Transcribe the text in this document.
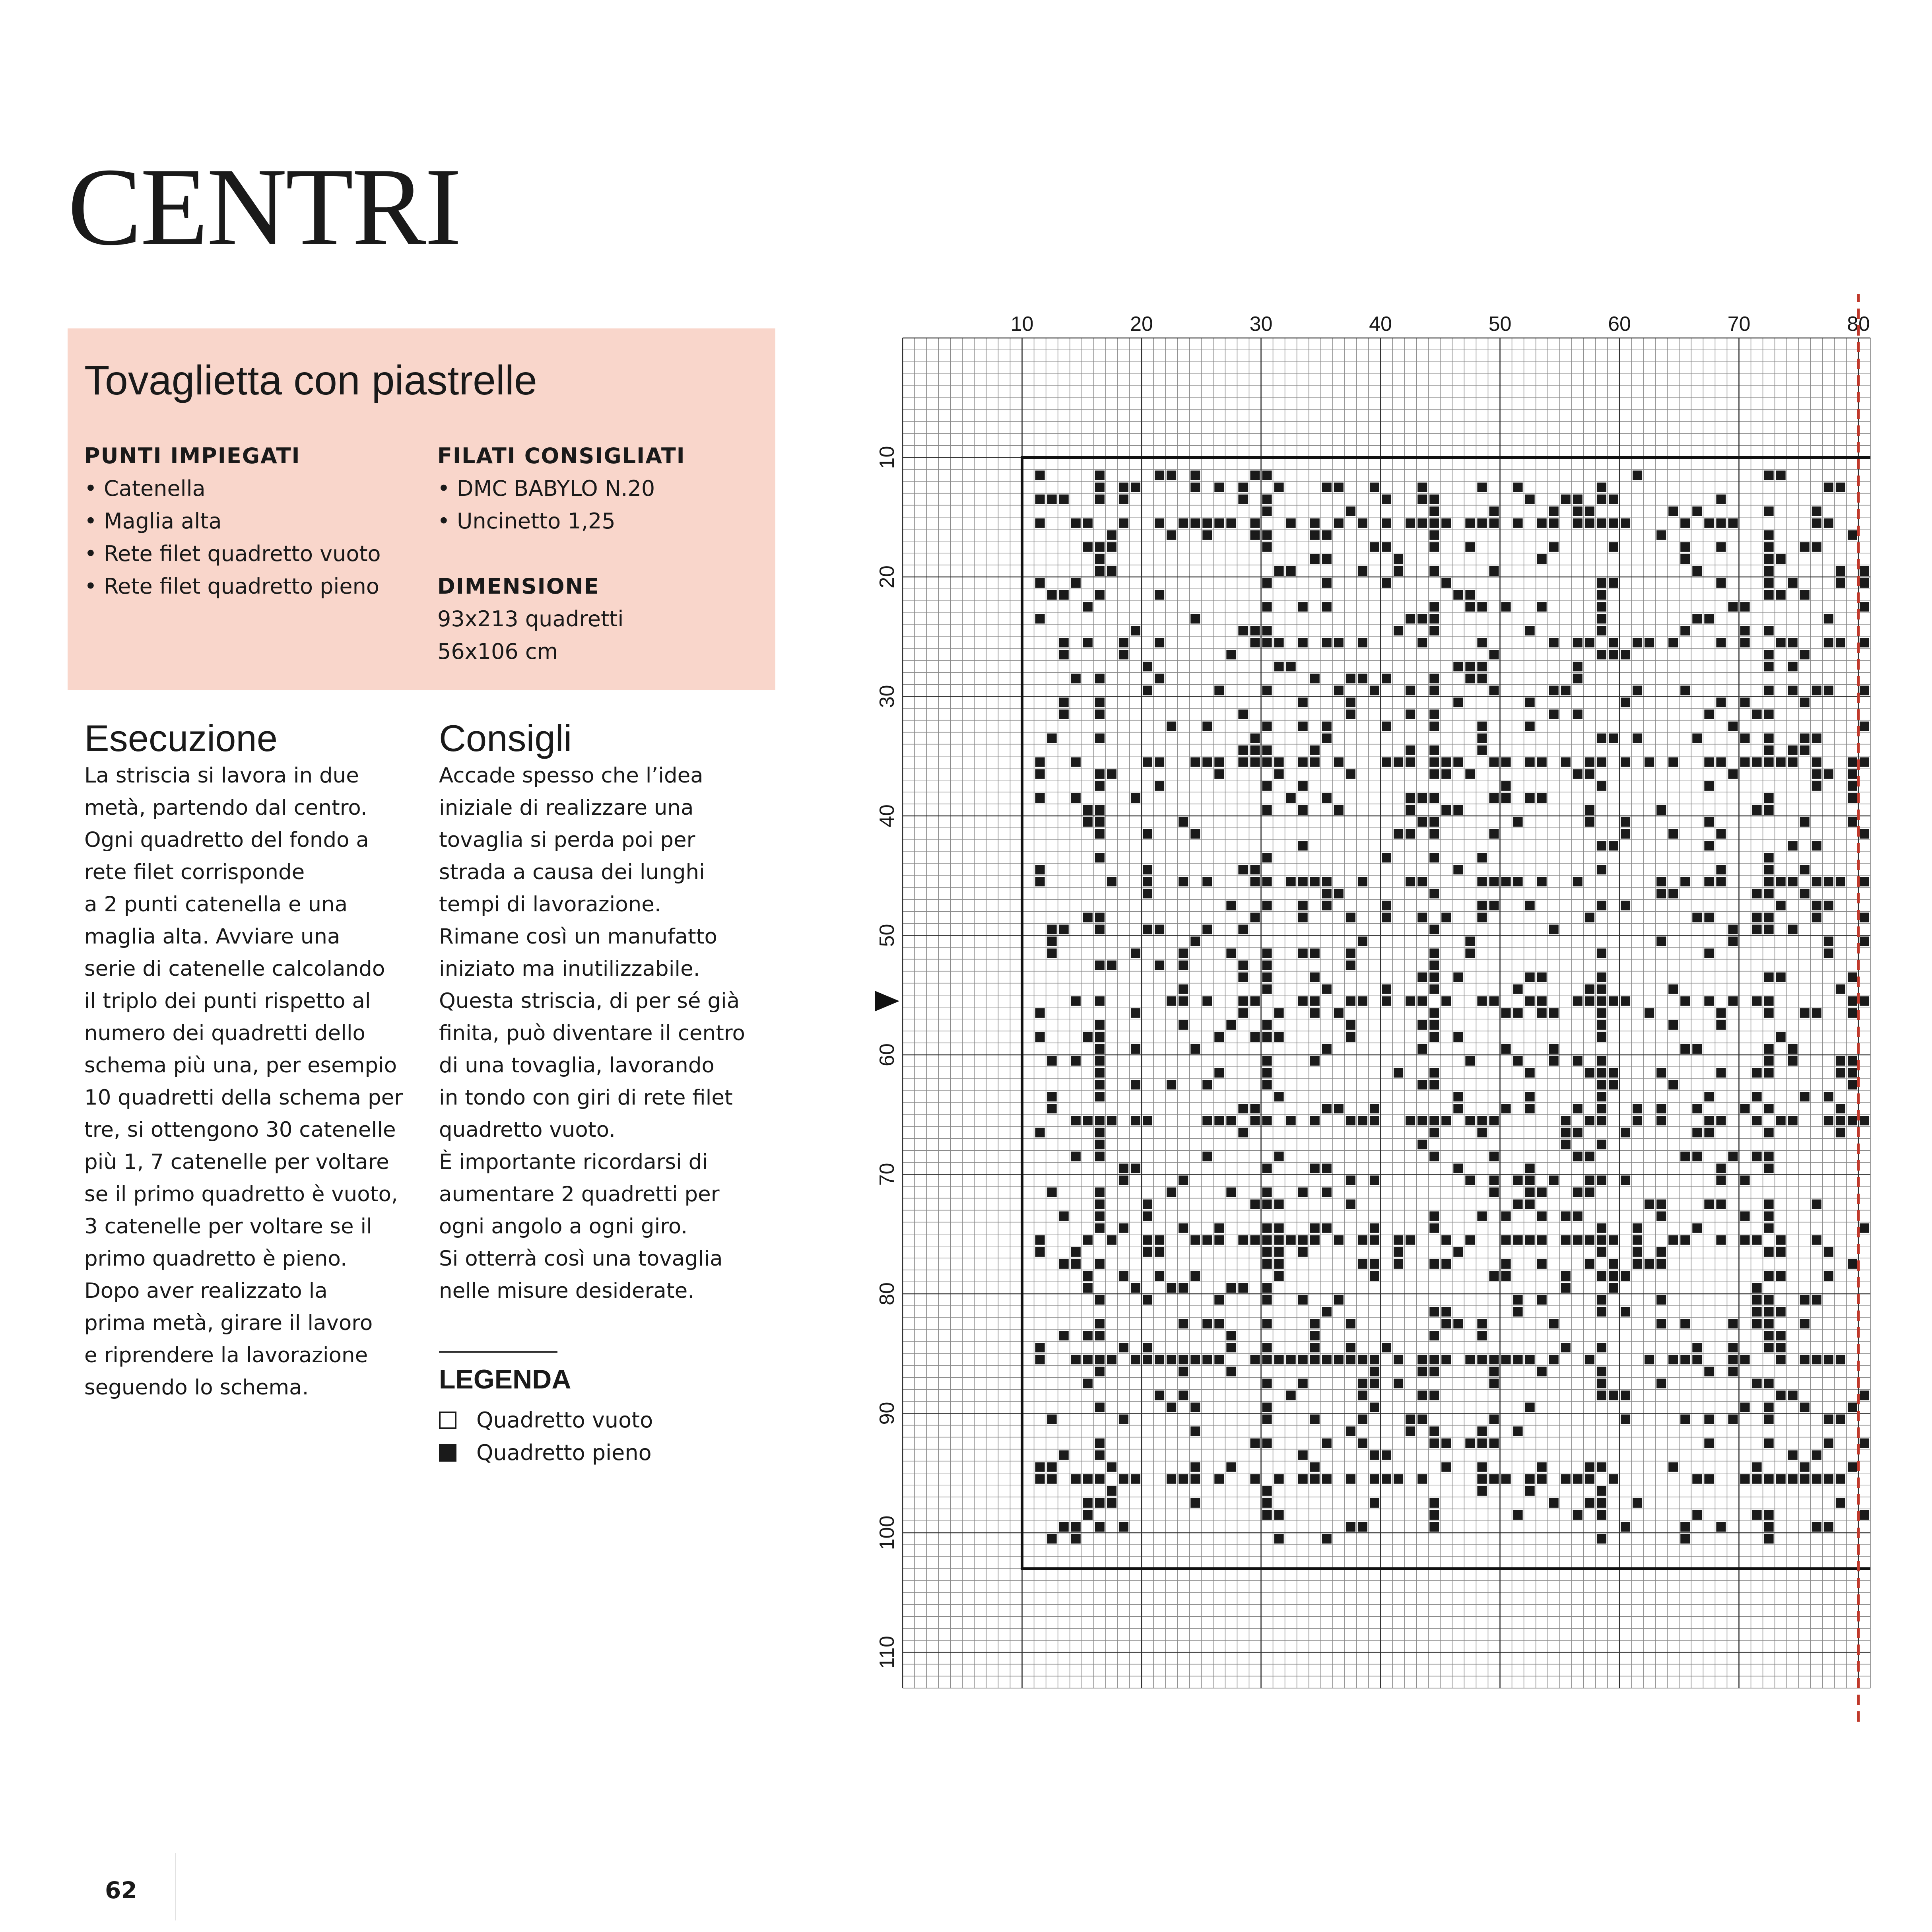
CENTRI
Tovaglietta con piastrelle
PUNTI IMPIEGATI
• Catenella
• Maglia alta
• Rete filet quadretto vuoto
• Rete filet quadretto pieno
FILATI CONSIGLIATI
• DMC BABYLO N.20
• Uncinetto 1,25
DIMENSIONE
93x213 quadretti
56x106 cm
Esecuzione
La striscia si lavora in due
metà, partendo dal centro.
Ogni quadretto del fondo a
rete filet corrisponde
a 2 punti catenella e una
maglia alta. Avviare una
serie di catenelle calcolando
il triplo dei punti rispetto al
numero dei quadretti dello
schema più una, per esempio
10 quadretti della schema per
tre, si ottengono 30 catenelle
più 1, 7 catenelle per voltare
se il primo quadretto è vuoto,
3 catenelle per voltare se il
primo quadretto è pieno.
Dopo aver realizzato la
prima metà, girare il lavoro
e riprendere la lavorazione
seguendo lo schema.
Consigli
Accade spesso che l’idea
iniziale di realizzare una
tovaglia si perda poi per
strada a causa dei lunghi
tempi di lavorazione.
Rimane così un manufatto
iniziato ma inutilizzabile.
Questa striscia, di per sé già
finita, può diventare il centro
di una tovaglia, lavorando
in tondo con giri di rete filet
quadretto vuoto.
È importante ricordarsi di
aumentare 2 quadretti per
ogni angolo a ogni giro.
Si otterrà così una tovaglia
nelle misure desiderate.
LEGENDA
Quadretto vuoto
Quadretto pieno
10	20	30	40	50	60	70	80
10
20
30
40
50
60
70
80
90
100
110
62
